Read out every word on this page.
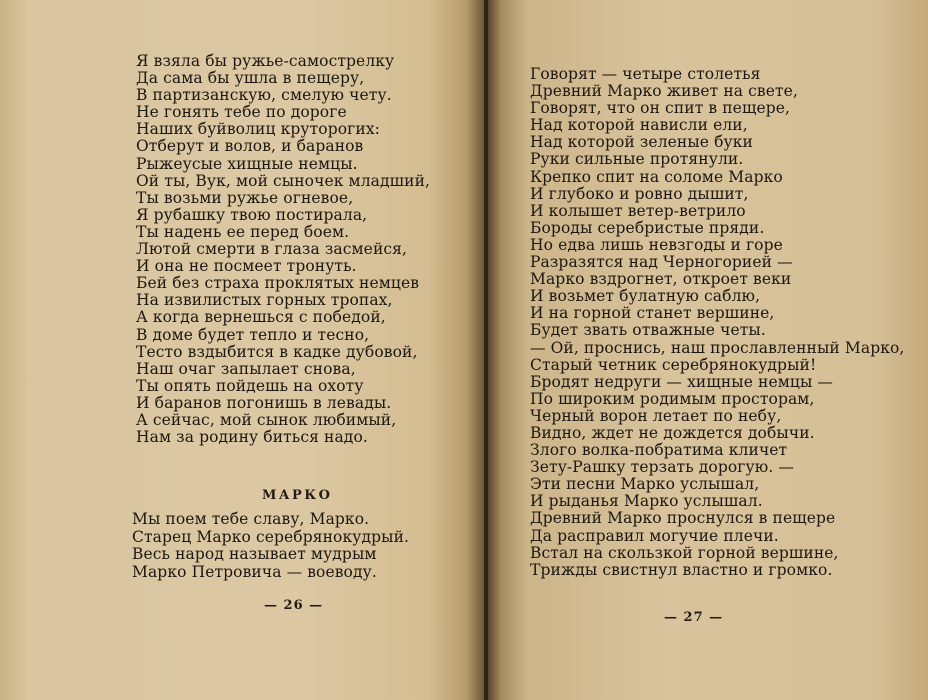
Я взяла бы ружье-самострелку
Да сама бы ушла в пещеру,
В партизанскую, смелую чету.
Не гонять тебе по дороге
Наших буйволиц круторогих:
Отберут и волов, и баранов
Рыжеусые хищные немцы.
Ой ты, Вук, мой сыночек младший,
Ты возьми ружье огневое,
Я рубашку твою постирала,
Ты надень ее перед боем.
Лютой смерти в глаза засмейся,
И она не посмеет тронуть.
Бей без страха проклятых немцев
На извилистых горных тропах,
А когда вернешься с победой,
В доме будет тепло и тесно,
Тесто вздыбится в кадке дубовой,
Наш очаг запылает снова,
Ты опять пойдешь на охоту
И баранов погонишь в левады.
А сейчас, мой сынок любимый,
Нам за родину биться надо.
МАРКО
Мы поем тебе славу, Марко.
Старец Марко серебрянокудрый.
Весь народ называет мудрым
Марко Петровича — воеводу.
— 26 —
Говорят — четыре столетья
Древний Марко живет на свете,
Говорят, что он спит в пещере,
Над которой нависли ели,
Над которой зеленые буки
Руки сильные протянули.
Крепко спит на соломе Марко
И глубоко и ровно дышит,
И колышет ветер-ветрило
Бороды серебристые пряди.
Но едва лишь невзгоды и горе
Разразятся над Черногорией —
Марко вздрогнет, откроет веки
И возьмет булатную саблю,
И на горной станет вершине,
Будет звать отважные четы.
— Ой, проснись, наш прославленный Марко,
Старый четник серебрянокудрый!
Бродят недруги — хищные немцы —
По широким родимым просторам,
Черный ворон летает по небу,
Видно, ждет не дождется добычи.
Злого волка-побратима кличет
Зету-Рашку терзать дорогую. —
Эти песни Марко услышал,
И рыданья Марко услышал.
Древний Марко проснулся в пещере
Да расправил могучие плечи.
Встал на скользкой горной вершине,
Трижды свистнул властно и громко.
— 27 —
